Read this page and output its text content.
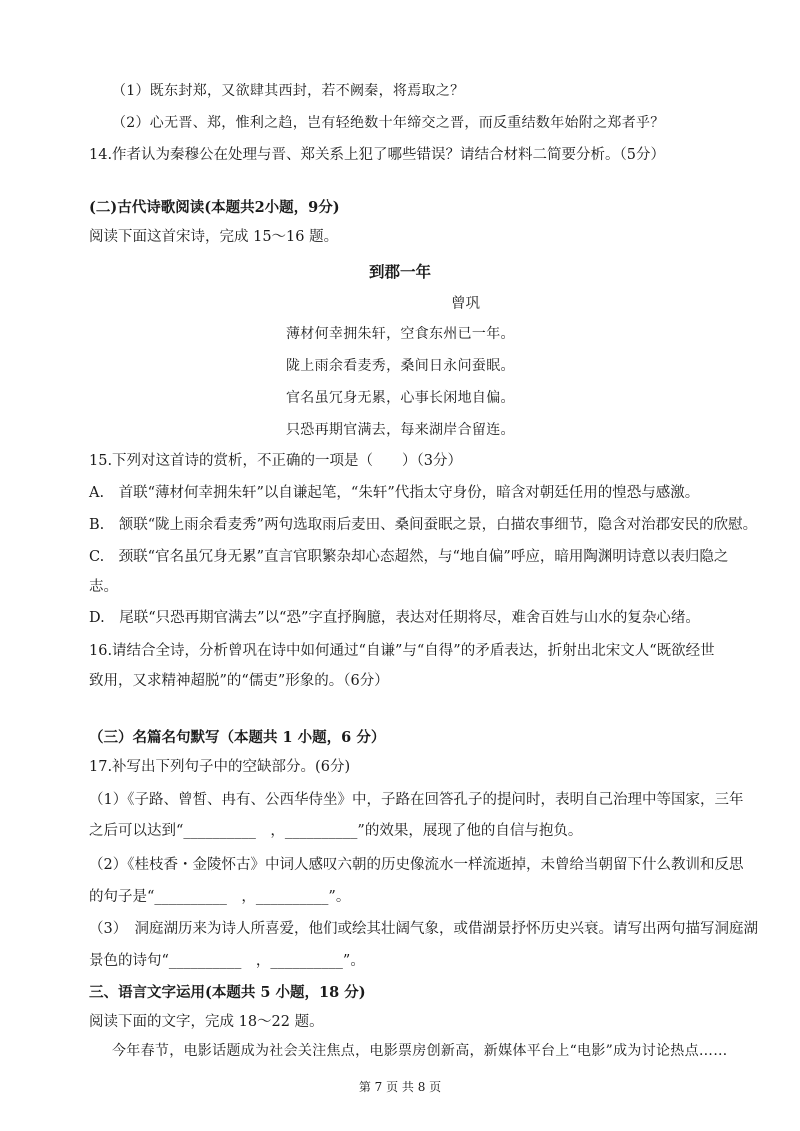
（1）既东封郑，又欲肆其西封，若不阙秦，将焉取之？
（2）心无晋、郑，惟利之趋，岂有轻绝数十年缔交之晋，而反重结数年始附之郑者乎？
14.作者认为秦穆公在处理与晋、郑关系上犯了哪些错误？请结合材料二简要分析。（5分）
(二)古代诗歌阅读(本题共2小题，9分)
阅读下面这首宋诗，完成 15～16 题。
到郡一年
曾巩
薄材何幸拥朱轩，空食东州已一年。
陇上雨余看麦秀，桑间日永问蚕眠。
官名虽冗身无累，心事长闲地自偏。
只恐再期官满去，每来湖岸合留连。
15.下列对这首诗的赏析，不正确的一项是（　　）（3分）
A.　首联“薄材何幸拥朱轩”以自谦起笔，“朱轩”代指太守身份，暗含对朝廷任用的惶恐与感激。
B.　颔联“陇上雨余看麦秀”两句选取雨后麦田、桑间蚕眠之景，白描农事细节，隐含对治郡安民的欣慰。
C.　颈联“官名虽冗身无累”直言官职繁杂却心态超然，与“地自偏”呼应，暗用陶渊明诗意以表归隐之
志。
D.　尾联“只恐再期官满去”以“恐”字直抒胸臆，表达对任期将尽，难舍百姓与山水的复杂心绪。
16.请结合全诗，分析曾巩在诗中如何通过“自谦”与“自得”的矛盾表达，折射出北宋文人“既欲经世
致用，又求精神超脱”的“儒吏”形象的。（6分）
（三）名篇名句默写（本题共 1 小题，6 分）
17.补写出下列句子中的空缺部分。(6分)
（1）《子路、曾皙、冉有、公西华侍坐》中，子路在回答孔子的提问时，表明自己治理中等国家，三年
之后可以达到“__________　，__________”的效果，展现了他的自信与抱负。
（2）《桂枝香・金陵怀古》中词人感叹六朝的历史像流水一样流逝掉，未曾给当朝留下什么教训和反思
的句子是“__________　，__________”。
（3）　洞庭湖历来为诗人所喜爱，他们或绘其壮阔气象，或借湖景抒怀历史兴衰。请写出两句描写洞庭湖
景色的诗句“__________　，__________”。
三、语言文字运用(本题共 5 小题，18 分)
阅读下面的文字，完成 18～22 题。
今年春节，电影话题成为社会关注焦点，电影票房创新高，新媒体平台上“电影”成为讨论热点……
第 7 页 共 8 页
